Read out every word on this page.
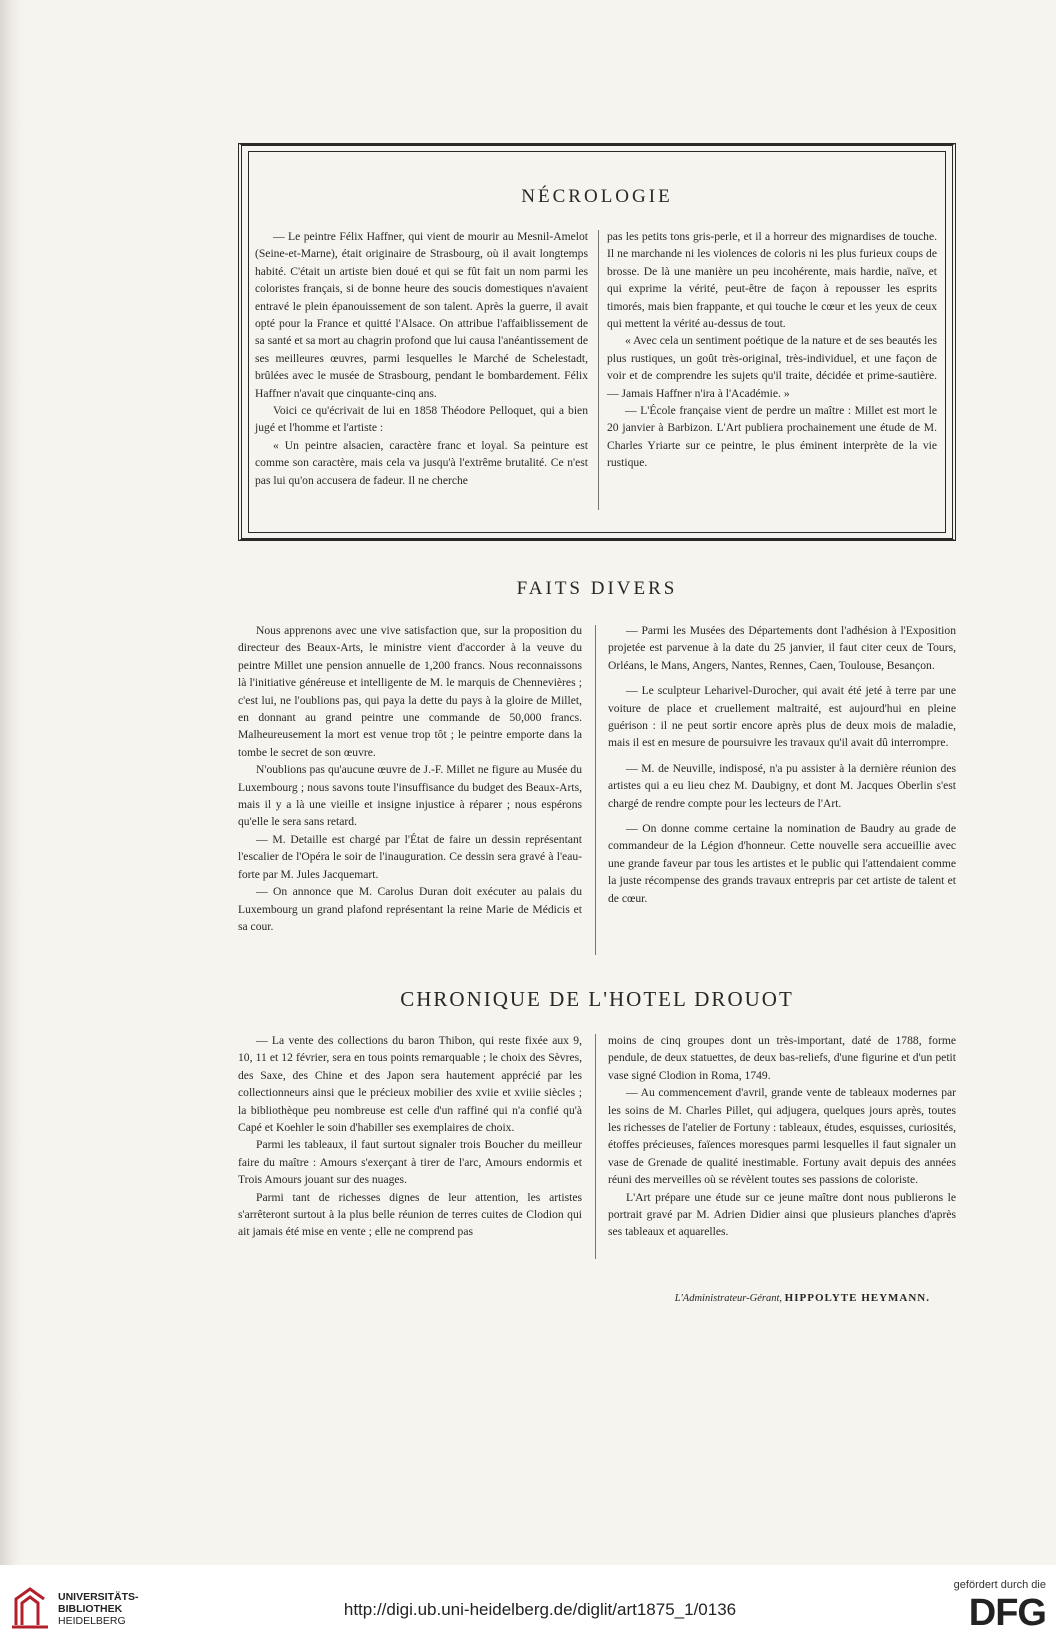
NÉCROLOGIE

— Le peintre Félix Haffner, qui vient de mourir au Mesnil-Amelot (Seine-et-Marne), était originaire de Strasbourg, où il avait longtemps habité. C'était un artiste bien doué et qui se fût fait un nom parmi les coloristes français, si de bonne heure des soucis domestiques n'avaient entravé le plein épanouissement de son talent. Après la guerre, il avait opté pour la France et quitté l'Alsace. On attribue l'affaiblissement de sa santé et sa mort au chagrin profond que lui causa l'anéantissement de ses meilleures œuvres, parmi lesquelles le Marché de Schelestadt, brûlées avec le musée de Strasbourg, pendant le bombardement. Félix Haffner n'avait que cinquante-cinq ans.

Voici ce qu'écrivait de lui en 1858 Théodore Pelloquet, qui a bien jugé et l'homme et l'artiste :

« Un peintre alsacien, caractère franc et loyal. Sa peinture est comme son caractère, mais cela va jusqu'à l'extrême brutalité. Ce n'est pas lui qu'on accusera de fadeur. Il ne cherche

pas les petits tons gris-perle, et il a horreur des mignardises de touche. Il ne marchande ni les violences de coloris ni les plus furieux coups de brosse. De là une manière un peu incohérente, mais hardie, naïve, et qui exprime la vérité, peut-être de façon à repousser les esprits timorés, mais bien frappante, et qui touche le cœur et les yeux de ceux qui mettent la vérité au-dessus de tout.

« Avec cela un sentiment poétique de la nature et de ses beautés les plus rustiques, un goût très-original, très-individuel, et une façon de voir et de comprendre les sujets qu'il traite, décidée et prime-sautière. — Jamais Haffner n'ira à l'Académie. »

— L'École française vient de perdre un maître : Millet est mort le 20 janvier à Barbizon. L'Art publiera prochainement une étude de M. Charles Yriarte sur ce peintre, le plus éminent interprète de la vie rustique.

FAITS DIVERS

Nous apprenons avec une vive satisfaction que, sur la proposition du directeur des Beaux-Arts, le ministre vient d'accorder à la veuve du peintre Millet une pension annuelle de 1,200 francs. Nous reconnaissons là l'initiative généreuse et intelligente de M. le marquis de Chennevières ; c'est lui, ne l'oublions pas, qui paya la dette du pays à la gloire de Millet, en donnant au grand peintre une commande de 50,000 francs. Malheureusement la mort est venue trop tôt ; le peintre emporte dans la tombe le secret de son œuvre.

N'oublions pas qu'aucune œuvre de J.-F. Millet ne figure au Musée du Luxembourg ; nous savons toute l'insuffisance du budget des Beaux-Arts, mais il y a là une vieille et insigne injustice à réparer ; nous espérons qu'elle le sera sans retard.

— M. Detaille est chargé par l'État de faire un dessin représentant l'escalier de l'Opéra le soir de l'inauguration. Ce dessin sera gravé à l'eau-forte par M. Jules Jacquemart.

— On annonce que M. Carolus Duran doit exécuter au palais du Luxembourg un grand plafond représentant la reine Marie de Médicis et sa cour.

— Parmi les Musées des Départements dont l'adhésion à l'Exposition projetée est parvenue à la date du 25 janvier, il faut citer ceux de Tours, Orléans, le Mans, Angers, Nantes, Rennes, Caen, Toulouse, Besançon.

— Le sculpteur Leharivel-Durocher, qui avait été jeté à terre par une voiture de place et cruellement maltraité, est aujourd'hui en pleine guérison : il ne peut sortir encore après plus de deux mois de maladie, mais il est en mesure de poursuivre les travaux qu'il avait dû interrompre.

— M. de Neuville, indisposé, n'a pu assister à la dernière réunion des artistes qui a eu lieu chez M. Daubigny, et dont M. Jacques Oberlin s'est chargé de rendre compte pour les lecteurs de l'Art.

— On donne comme certaine la nomination de Baudry au grade de commandeur de la Légion d'honneur. Cette nouvelle sera accueillie avec une grande faveur par tous les artistes et le public qui l'attendaient comme la juste récompense des grands travaux entrepris par cet artiste de talent et de cœur.

CHRONIQUE DE L'HOTEL DROUOT

— La vente des collections du baron Thibon, qui reste fixée aux 9, 10, 11 et 12 février, sera en tous points remarquable ; le choix des Sèvres, des Saxe, des Chine et des Japon sera hautement apprécié par les collectionneurs ainsi que le précieux mobilier des xviie et xviiie siècles ; la bibliothèque peu nombreuse est celle d'un raffiné qui n'a confié qu'à Capé et Koehler le soin d'habiller ses exemplaires de choix.

Parmi les tableaux, il faut surtout signaler trois Boucher du meilleur faire du maître : Amours s'exerçant à tirer de l'arc, Amours endormis et Trois Amours jouant sur des nuages.

Parmi tant de richesses dignes de leur attention, les artistes s'arrêteront surtout à la plus belle réunion de terres cuites de Clodion qui ait jamais été mise en vente ; elle ne comprend pas

moins de cinq groupes dont un très-important, daté de 1788, forme pendule, de deux statuettes, de deux bas-reliefs, d'une figurine et d'un petit vase signé Clodion in Roma, 1749.

— Au commencement d'avril, grande vente de tableaux modernes par les soins de M. Charles Pillet, qui adjugera, quelques jours après, toutes les richesses de l'atelier de Fortuny : tableaux, études, esquisses, curiosités, étoffes précieuses, faïences moresques parmi lesquelles il faut signaler un vase de Grenade de qualité inestimable. Fortuny avait depuis des années réuni des merveilles où se révèlent toutes ses passions de coloriste.

L'Art prépare une étude sur ce jeune maître dont nous publierons le portrait gravé par M. Adrien Didier ainsi que plusieurs planches d'après ses tableaux et aquarelles.

L'Administrateur-Gérant, HIPPOLYTE HEYMANN.
UNIVERSITÄTS-
BIBLIOTHEK
HEIDELBERG
http://digi.ub.uni-heidelberg.de/diglit/art1875_1/0136
gefördert durch die
DFG
